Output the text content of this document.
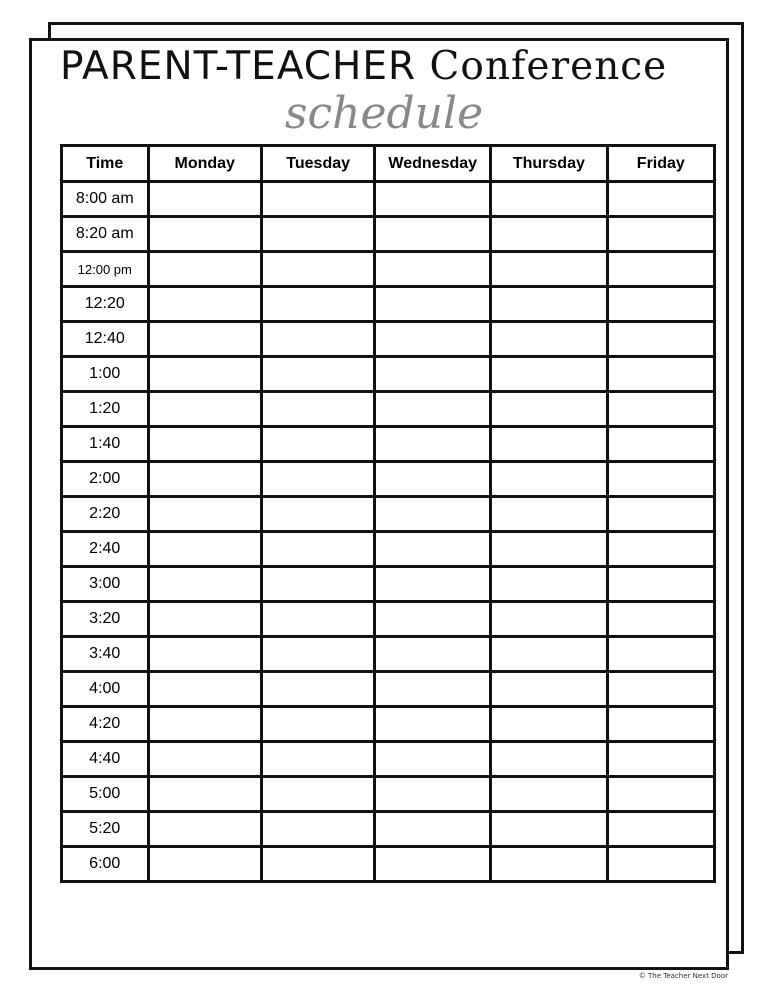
PARENT-TEACHER Conference
schedule
Time	Monday	Tuesday	Wednesday	Thursday	Friday
8:00 am					
8:20 am					
12:00 pm					
12:20					
12:40					
1:00					
1:20					
1:40					
2:00					
2:20					
2:40					
3:00					
3:20					
3:40					
4:00					
4:20					
4:40					
5:00					
5:20					
6:00					
© The Teacher Next Door
